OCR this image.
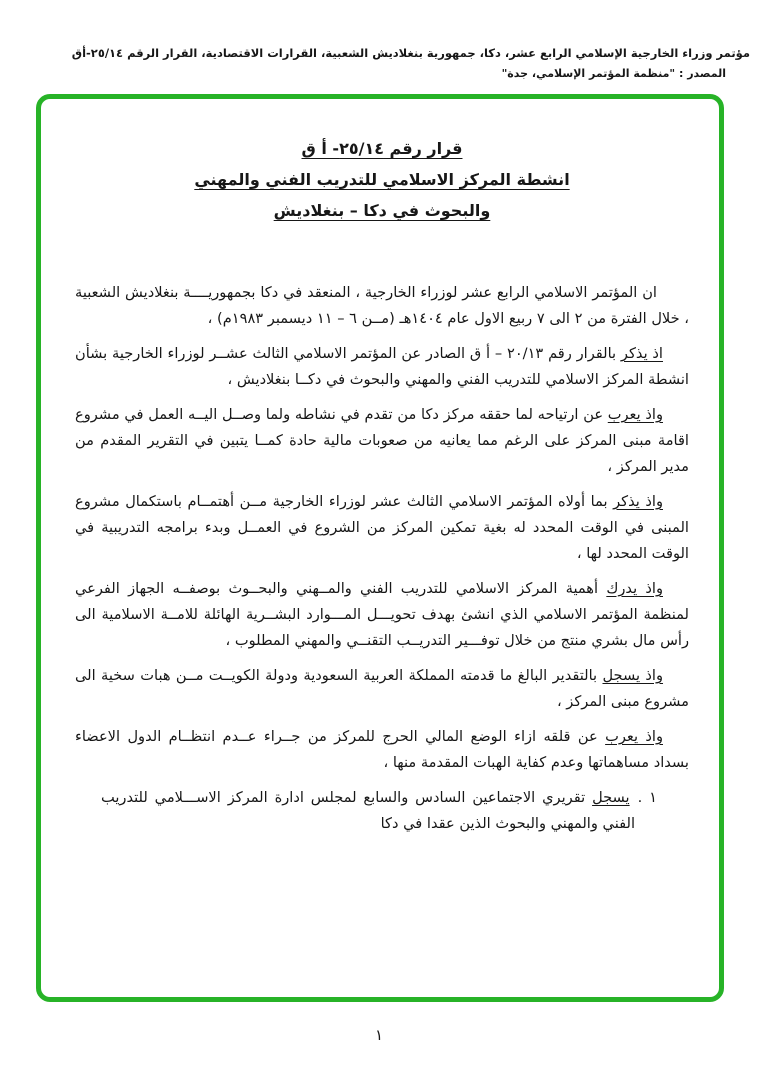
مؤتمر وزراء الخارجية الإسلامي الرابع عشر، دكا، جمهورية بنغلاديش الشعبية، القرارات الاقتصادية، القرار الرقم ٢٥/١٤-أق
المصدر : "منظمة المؤتمر الإسلامي، جدة"
قرار رقم ٢٥/١٤- أ ق
انشطة المركز الاسلامي للتدريب الفني والمهني
والبحوث في دكا – بنغلاديش

ان المؤتمر الاسلامي الرابع عشر لوزراء الخارجية ، المنعقد في دكا بجمهوريــــة بنغلاديش الشعبية ، خلال الفترة من ٢ الى ٧ ربيع الاول عام ١٤٠٤هـ (مــن ٦ – ١١ ديسمبر ١٩٨٣م) ،

اذ يذكر بالقرار رقم ٢٠/١٣ – أ ق الصادر عن المؤتمر الاسلامي الثالث عشــر لوزراء الخارجية بشأن انشطة المركز الاسلامي للتدريب الفني والمهني والبحوث في دكــا بنغلاديش ،

واذ يعرب عن ارتياحه لما حققه مركز دكا من تقدم في نشاطه ولما وصــل اليــه العمل في مشروع اقامة مبنى المركز على الرغم مما يعانيه من صعوبات مالية حادة كمــا يتبين في التقرير المقدم من مدير المركز ،

واذ يذكر بما أولاه المؤتمر الاسلامي الثالث عشر لوزراء الخارجية مــن أهتمــام باستكمال مشروع المبنى في الوقت المحدد له بغية تمكين المركز من الشروع في العمــل وبدء برامجه التدريبية في الوقت المحدد لها ،

واذ يدرك أهمية المركز الاسلامي للتدريب الفني والمــهني والبحــوث بوصفــه الجهاز الفرعي لمنظمة المؤتمر الاسلامي الذي انشئ بهدف تحويـــل المـــوارد البشــرية الهائلة للامــة الاسلامية الى رأس مال بشري منتج من خلال توفـــير التدريــب التقنــي والمهني المطلوب ،

واذ يسجل بالتقدير البالغ ما قدمته المملكة العربية السعودية ودولة الكويــت مــن هبات سخية الى مشروع مبنى المركز ،

واذ يعرب عن قلقه ازاء الوضع المالي الحرج للمركز من جــراء عــدم انتظــام الدول الاعضاء بسداد مساهماتها وعدم كفاية الهبات المقدمة منها ،

١ .يسجل تقريري الاجتماعين السادس والسابع لمجلس ادارة المركز الاســـلامي للتدريب الفني والمهني والبحوث الذين عقدا في دكا
١
